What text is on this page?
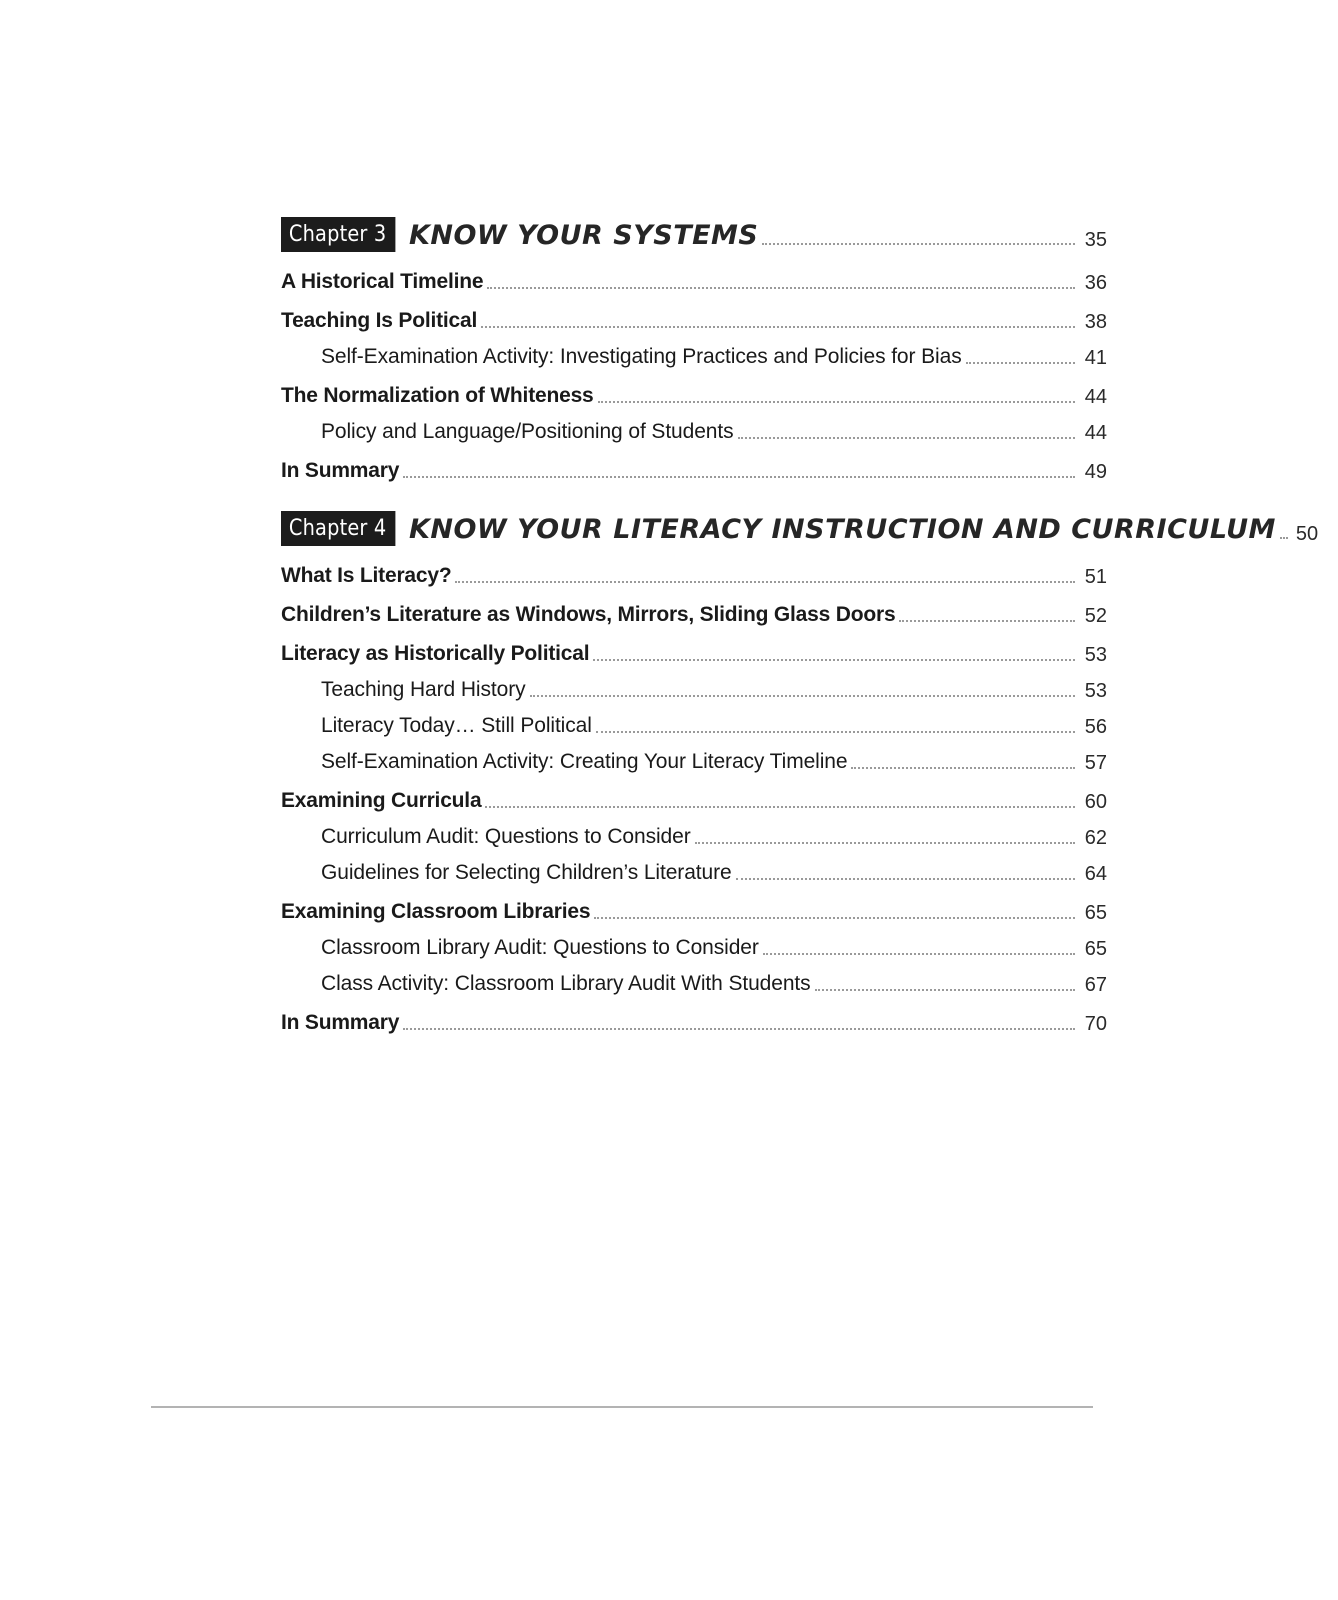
Chapter 3 KNOW YOUR SYSTEMS	35
A Historical Timeline	36
Teaching Is Political	38
Self-Examination Activity: Investigating Practices and Policies for Bias	41
The Normalization of Whiteness	44
Policy and Language/Positioning of Students	44
In Summary	49
Chapter 4 KNOW YOUR LITERACY INSTRUCTION AND CURRICULUM 50
What Is Literacy?	51
Children’s Literature as Windows, Mirrors, Sliding Glass Doors	52
Literacy as Historically Political	53
Teaching Hard History	53
Literacy Today… Still Political	56
Self-Examination Activity: Creating Your Literacy Timeline	57
Examining Curricula	60
Curriculum Audit: Questions to Consider	62
Guidelines for Selecting Children’s Literature	64
Examining Classroom Libraries	65
Classroom Library Audit: Questions to Consider	65
Class Activity: Classroom Library Audit With Students	67
In Summary	70
